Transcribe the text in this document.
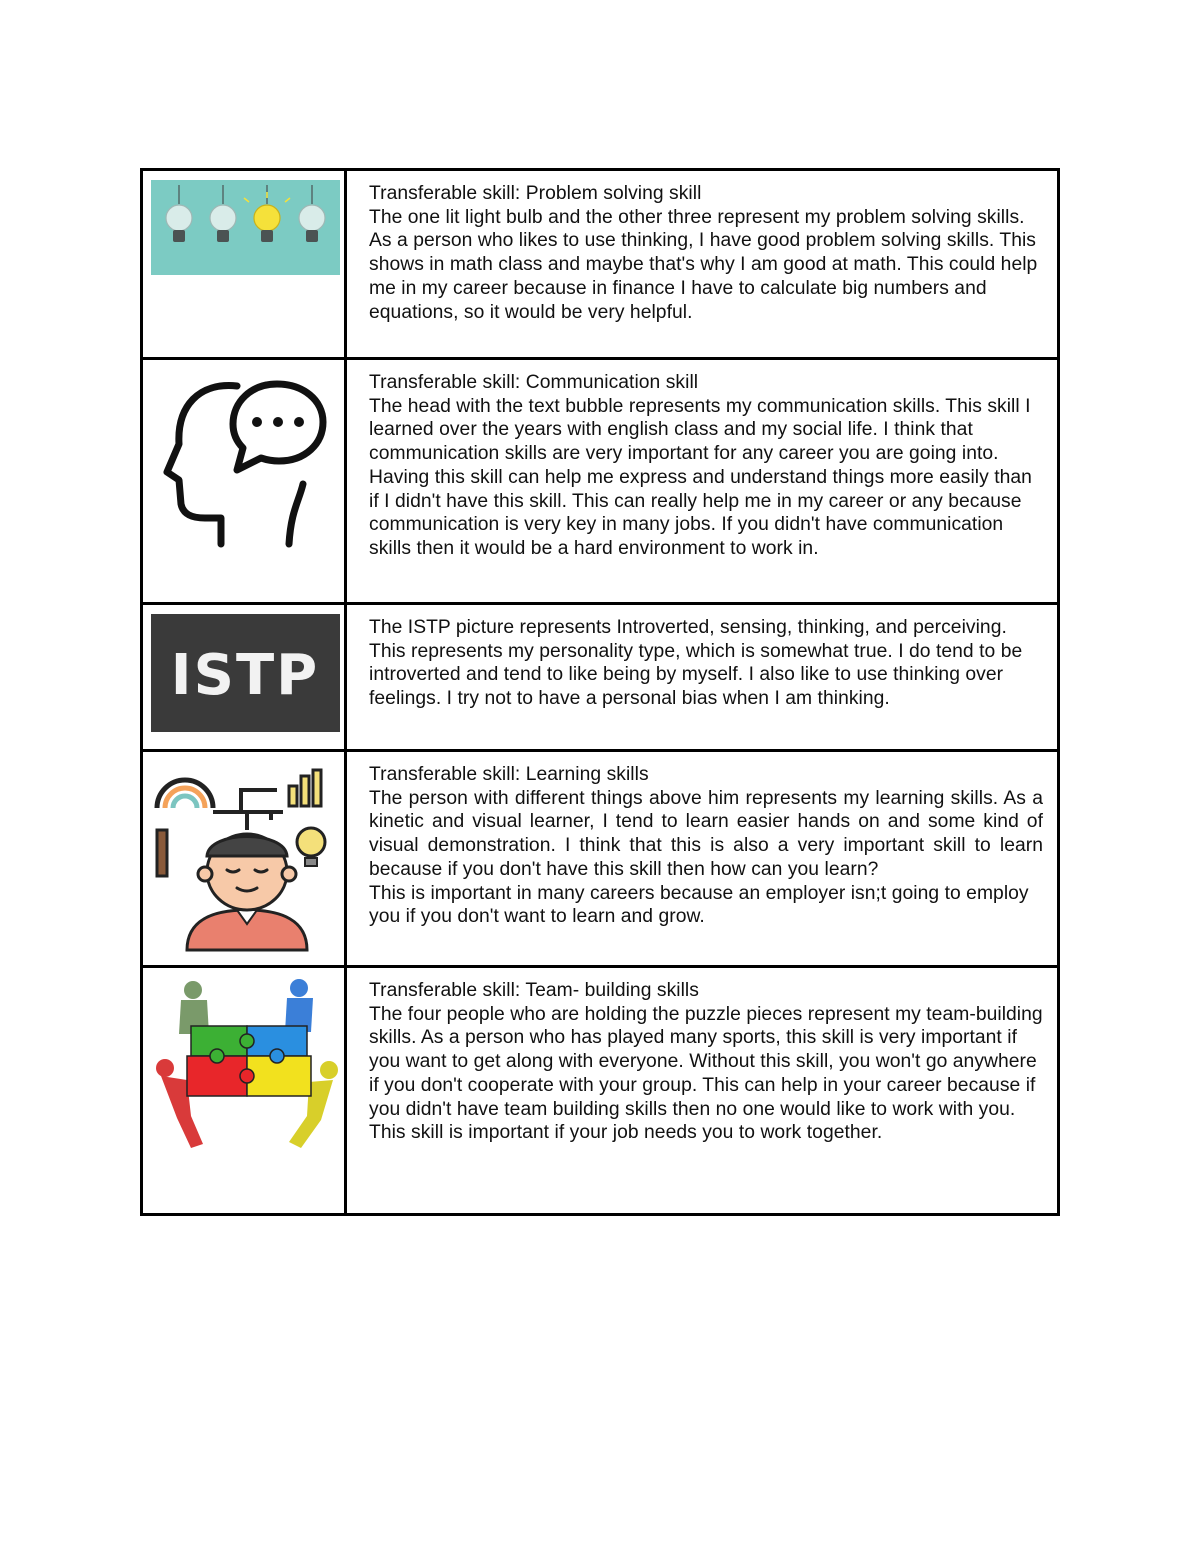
Transferable skill: Problem solving skill

The one lit light bulb and the other three represent my problem solving skills. As a person who likes to use thinking, I have good problem solving skills. This shows in math class and maybe that's why I am good at math. This could help me in my career because in finance I have to calculate big numbers and equations, so it would be very helpful.

Transferable skill: Communication skill

The head with the text bubble represents my communication skills. This skill I learned over the years with english class and my social life. I think that communication skills are very important for any career you are going into. Having this skill can help me express and understand things more easily than if I didn't have this skill. This can really help me in my career or any because communication is very key in many jobs. If you didn't have communication skills then it would be a hard environment to work in.

ISTP

The ISTP picture represents Introverted, sensing, thinking, and perceiving. This represents my personality type, which is somewhat true. I do tend to be introverted and tend to like being by myself. I also like to use thinking over feelings. I try not to have a personal bias when I am thinking.

Transferable skill: Learning skills

The person with different things above him represents my learning skills. As a kinetic and visual learner, I tend to learn easier hands on and some kind of visual demonstration. I think that this is also a very important skill to learn because if you don't have this skill then how can you learn?

This is important in many careers because an employer isn;t going to employ you if you don't want to learn and grow.

Transferable skill: Team- building skills

The four people who are holding the puzzle pieces represent my team-building skills. As a person who has played many sports, this skill is very important if you want to get along with everyone. Without this skill, you won't go anywhere if you don't cooperate with your group. This can help in your career because if you didn't have team building skills then no one would like to work with you. This skill is important if your job needs you to work together.
